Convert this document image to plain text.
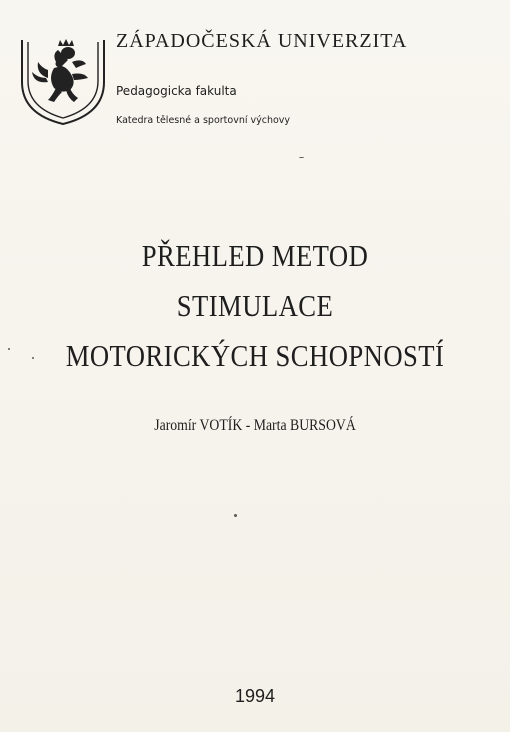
ZÁPADOČESKÁ UNIVERZITA
Pedagogicka fakulta
Katedra tělesné a sportovní výchovy
PŘEHLED METOD
STIMULACE
MOTORICKÝCH SCHOPNOSTÍ
Jaromír VOTÍK - Marta BURSOVÁ
1994
